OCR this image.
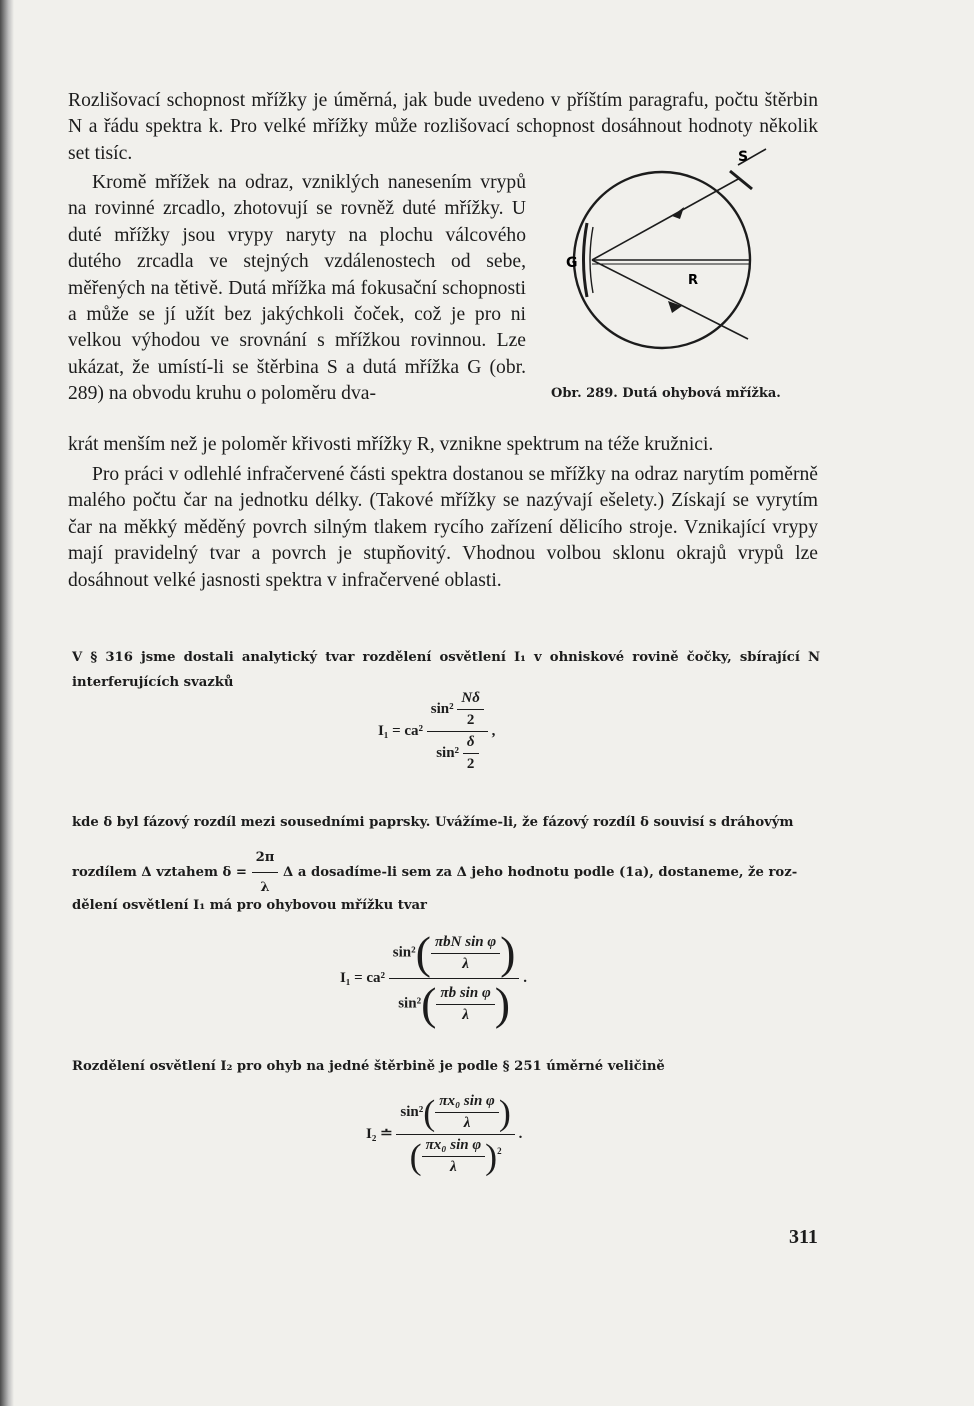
Rozlišovací schopnost mřížky je úměrná, jak bude uvedeno v příštím paragrafu, počtu štěrbin N a řádu spektra k. Pro velké mřížky může rozlišovací schopnost dosáhnout hodnoty několik set tisíc.

Kromě mřížek na odraz, vzniklých nanesením vrypů na rovinné zrcadlo, zhotovují se rovněž duté mřížky. U duté mřížky jsou vrypy naryty na plochu válcového dutého zrcadla ve stejných vzdálenostech od sebe, měřených na tětivě. Dutá mřížka má fokusační schopnosti a může se jí užít bez jakýchkoli čoček, což je pro ni velkou výhodou ve srovnání s mřížkou rovinnou. Lze ukázat, že umístí-li se štěrbina S a dutá mřížka G (obr. 289) na obvodu kruhu o poloměru dva-

krát menším než je poloměr křivosti mřížky R, vznikne spektrum na téže kružnici.

Pro práci v odlehlé infračervené části spektra dostanou se mřížky na odraz narytím poměrně malého počtu čar na jednotku délky. (Takové mřížky se nazývají ešelety.) Získají se vyrytím čar na měkký měděný povrch silným tlakem rycího zařízení dělicího stroje. Vznikající vrypy mají pravidelný tvar a povrch je stupňovitý. Vhodnou volbou sklonu okrajů vrypů lze dosáhnout velké jasnosti spektra v infračervené oblasti.

S
G
R
Obr. 289. Dutá ohybová mřížka.

V § 316 jsme dostali analytický tvar rozdělení osvětlení I₁ v ohniskové rovině čočky, sbírající N interferujících svazků

$I_1 = ca^2 \frac{\sin^2 \frac{N\delta}{2}}{\sin^2 \frac{\delta}{2}}$ ,

kde δ byl fázový rozdíl mezi sousedními paprsky. Uvážíme-li, že fázový rozdíl δ souvisí s dráhovým

rozdílem Δ vztahem $\delta = \frac{2\pi}{\lambda}$ Δ a dosadíme-li sem za Δ jeho hodnotu podle (1a), dostaneme, že roz-

dělení osvětlení I₁ má pro ohybovou mřížku tvar

$I_1 = ca^2 \frac{\sin^2( \frac{\text{πbN sin φ}}{\lambda} )}{\sin^2( \frac{\text{πb sin φ}}{\lambda} )}$ .

Rozdělení osvětlení I₂ pro ohyb na jedné štěrbině je podle § 251 úměrné veličině

I₂ ≐ $\frac{\sin^2( \frac{\text{πx₀ sin φ}}{\lambda} )}{( \frac{\text{πx₀ sin φ}}{\lambda} )^2}$ .
311
